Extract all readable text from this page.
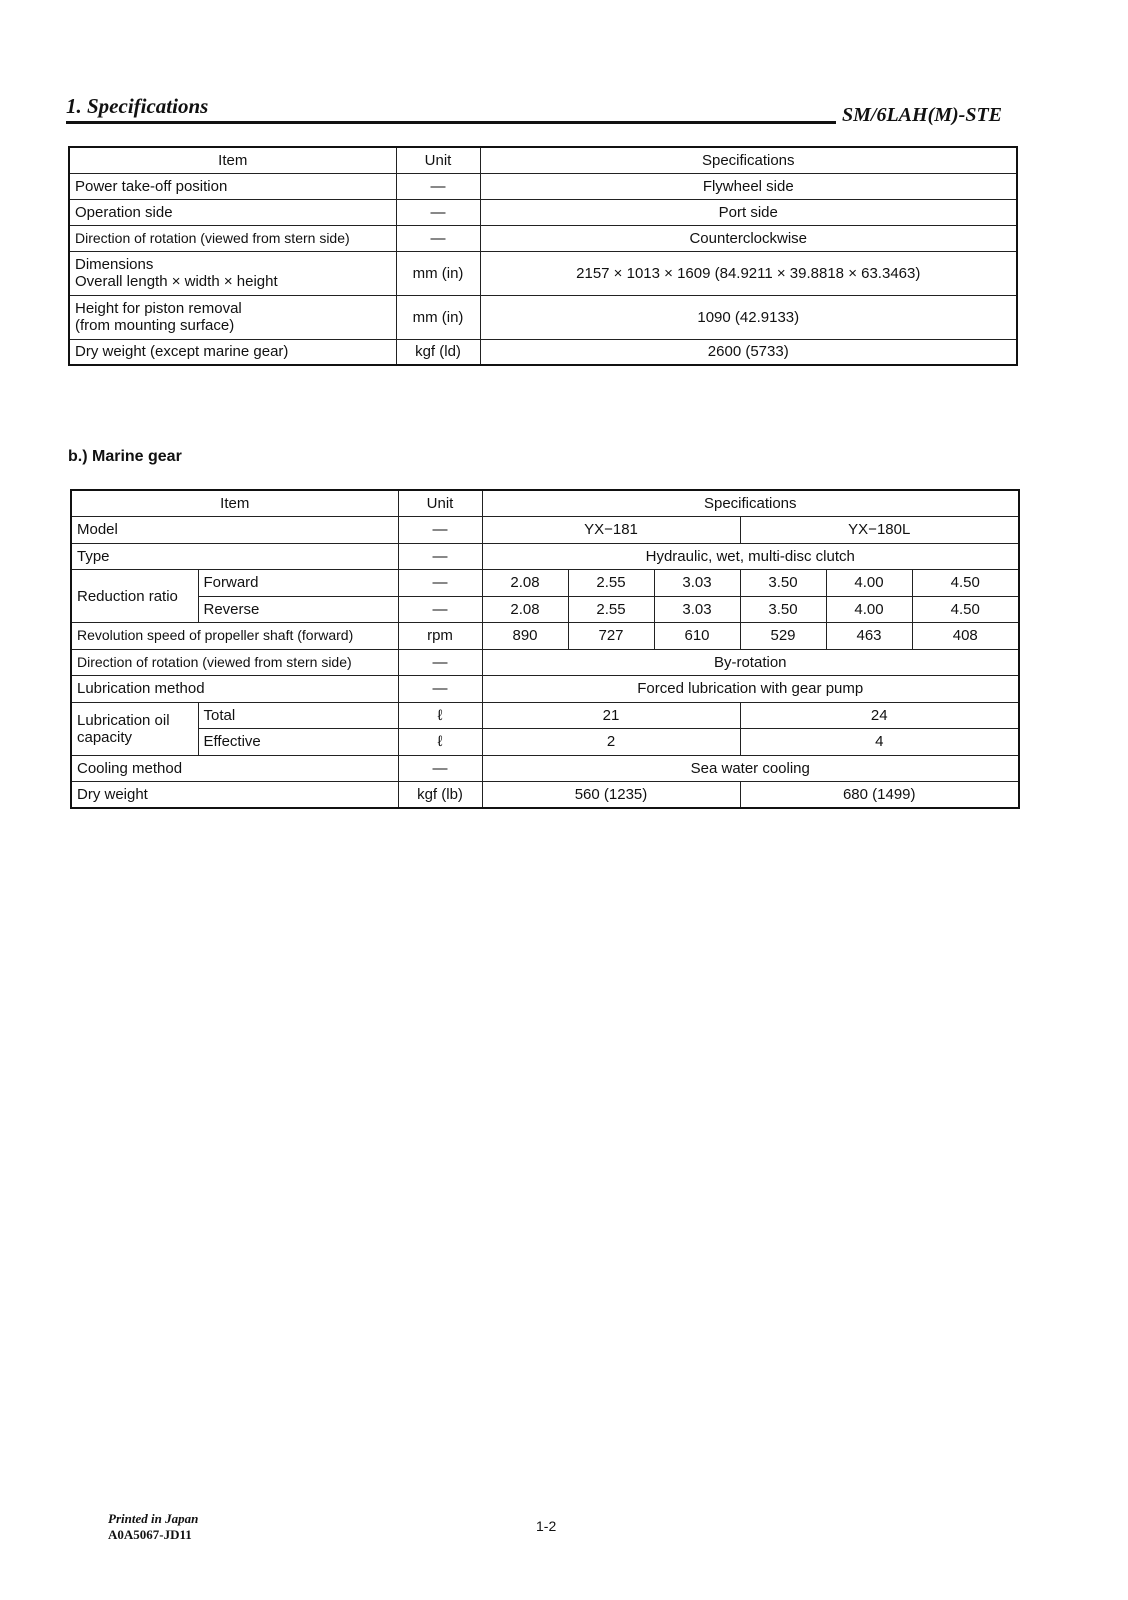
1. Specifications	SM/6LAH(M)-STE
Item	Unit	Specifications
Power take-off position	—	Flywheel side
Operation side	—	Port side
Direction of rotation (viewed from stern side)	—	Counterclockwise

Dimensions
Overall length × width × height	mm (in)	2157 × 1013 × 1609 (84.9211 × 39.8818 × 63.3463)

Height for piston removal
(from mounting surface)	mm (in)	1090 (42.9133)
Dry weight (except marine gear)	kgf (ld)	2600 (5733)
b.) Marine gear
Item		Unit	Specifications					
Model		—	YX−181			YX−180L		
Type		—	Hydraulic, wet, multi-disc clutch					
Reduction ratio	Forward	—	2.08	2.55	3.03	3.50	4.00	4.50
	Reverse	—	2.08	2.55	3.03	3.50	4.00	4.50
Revolution speed of propeller shaft (forward)		rpm	890	727	610	529	463	408
Direction of rotation (viewed from stern side)		—	By-rotation					
Lubrication method		—	Forced lubrication with gear pump					
Lubrication oil capacity	Total	ℓ	21			24		
	Effective	ℓ	2			4		
Cooling method		—	Sea water cooling					
Dry weight		kgf (lb)	560 (1235)			680 (1499)		
Printed in Japan
A0A5067-JD11
1-2
